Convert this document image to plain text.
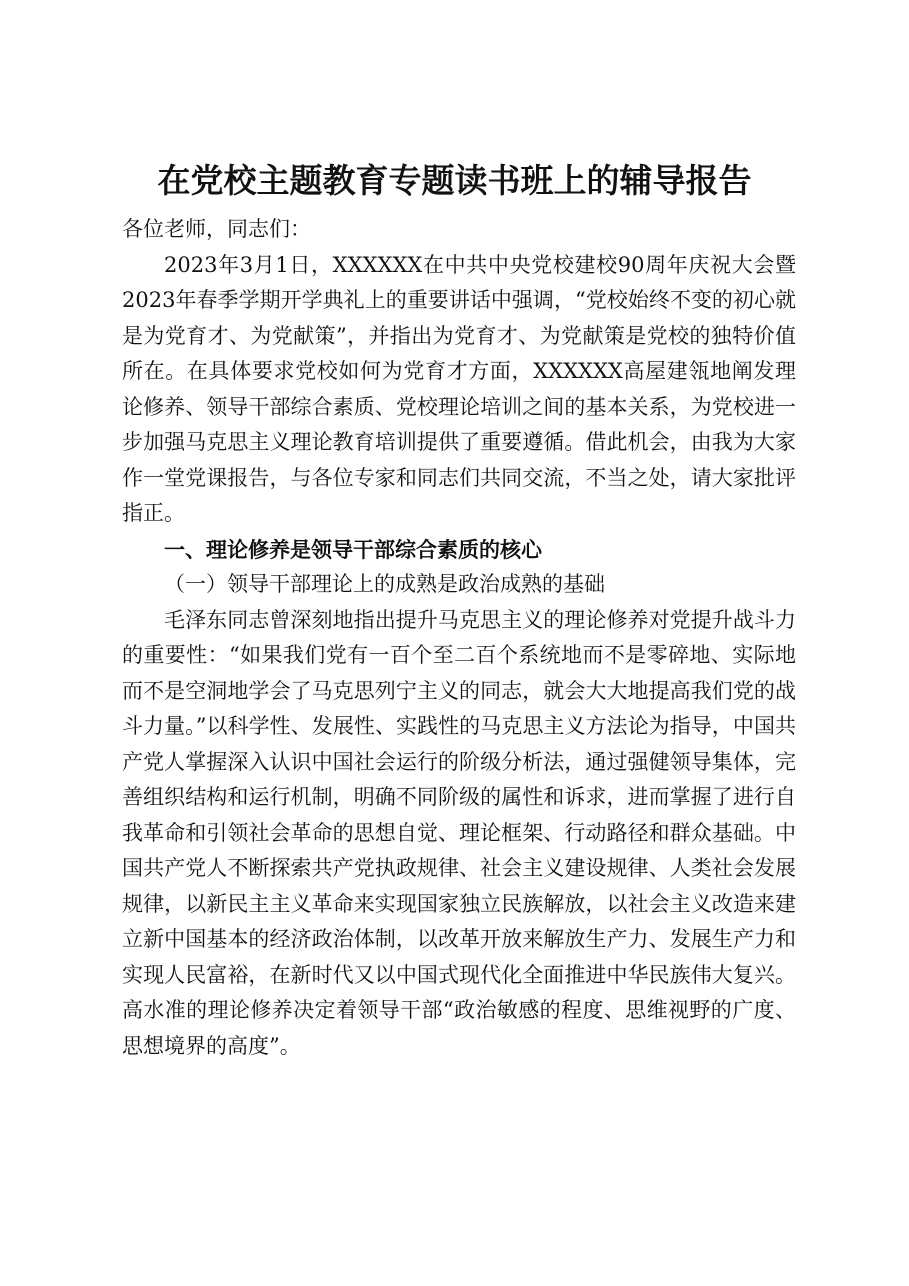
在党校主题教育专题读书班上的辅导报告

各位老师，同志们：

2023年3月1日，XXXXXX在中共中央党校建校90周年庆祝大会暨2023年春季学期开学典礼上的重要讲话中强调，“党校始终不变的初心就是为党育才、为党献策”，并指出为党育才、为党献策是党校的独特价值所在。在具体要求党校如何为党育才方面，XXXXXX高屋建瓴地阐发理论修养、领导干部综合素质、党校理论培训之间的基本关系，为党校进一步加强马克思主义理论教育培训提供了重要遵循。借此机会，由我为大家作一堂党课报告，与各位专家和同志们共同交流，不当之处，请大家批评指正。

一、理论修养是领导干部综合素质的核心

（一）领导干部理论上的成熟是政治成熟的基础

毛泽东同志曾深刻地指出提升马克思主义的理论修养对党提升战斗力的重要性：“如果我们党有一百个至二百个系统地而不是零碎地、实际地而不是空洞地学会了马克思列宁主义的同志，就会大大地提高我们党的战斗力量。”以科学性、发展性、实践性的马克思主义方法论为指导，中国共产党人掌握深入认识中国社会运行的阶级分析法，通过强健领导集体，完善组织结构和运行机制，明确不同阶级的属性和诉求，进而掌握了进行自我革命和引领社会革命的思想自觉、理论框架、行动路径和群众基础。中国共产党人不断探索共产党执政规律、社会主义建设规律、人类社会发展规律，以新民主主义革命来实现国家独立民族解放，以社会主义改造来建立新中国基本的经济政治体制，以改革开放来解放生产力、发展生产力和实现人民富裕，在新时代又以中国式现代化全面推进中华民族伟大复兴。高水准的理论修养决定着领导干部“政治敏感的程度、思维视野的广度、思想境界的高度”。
